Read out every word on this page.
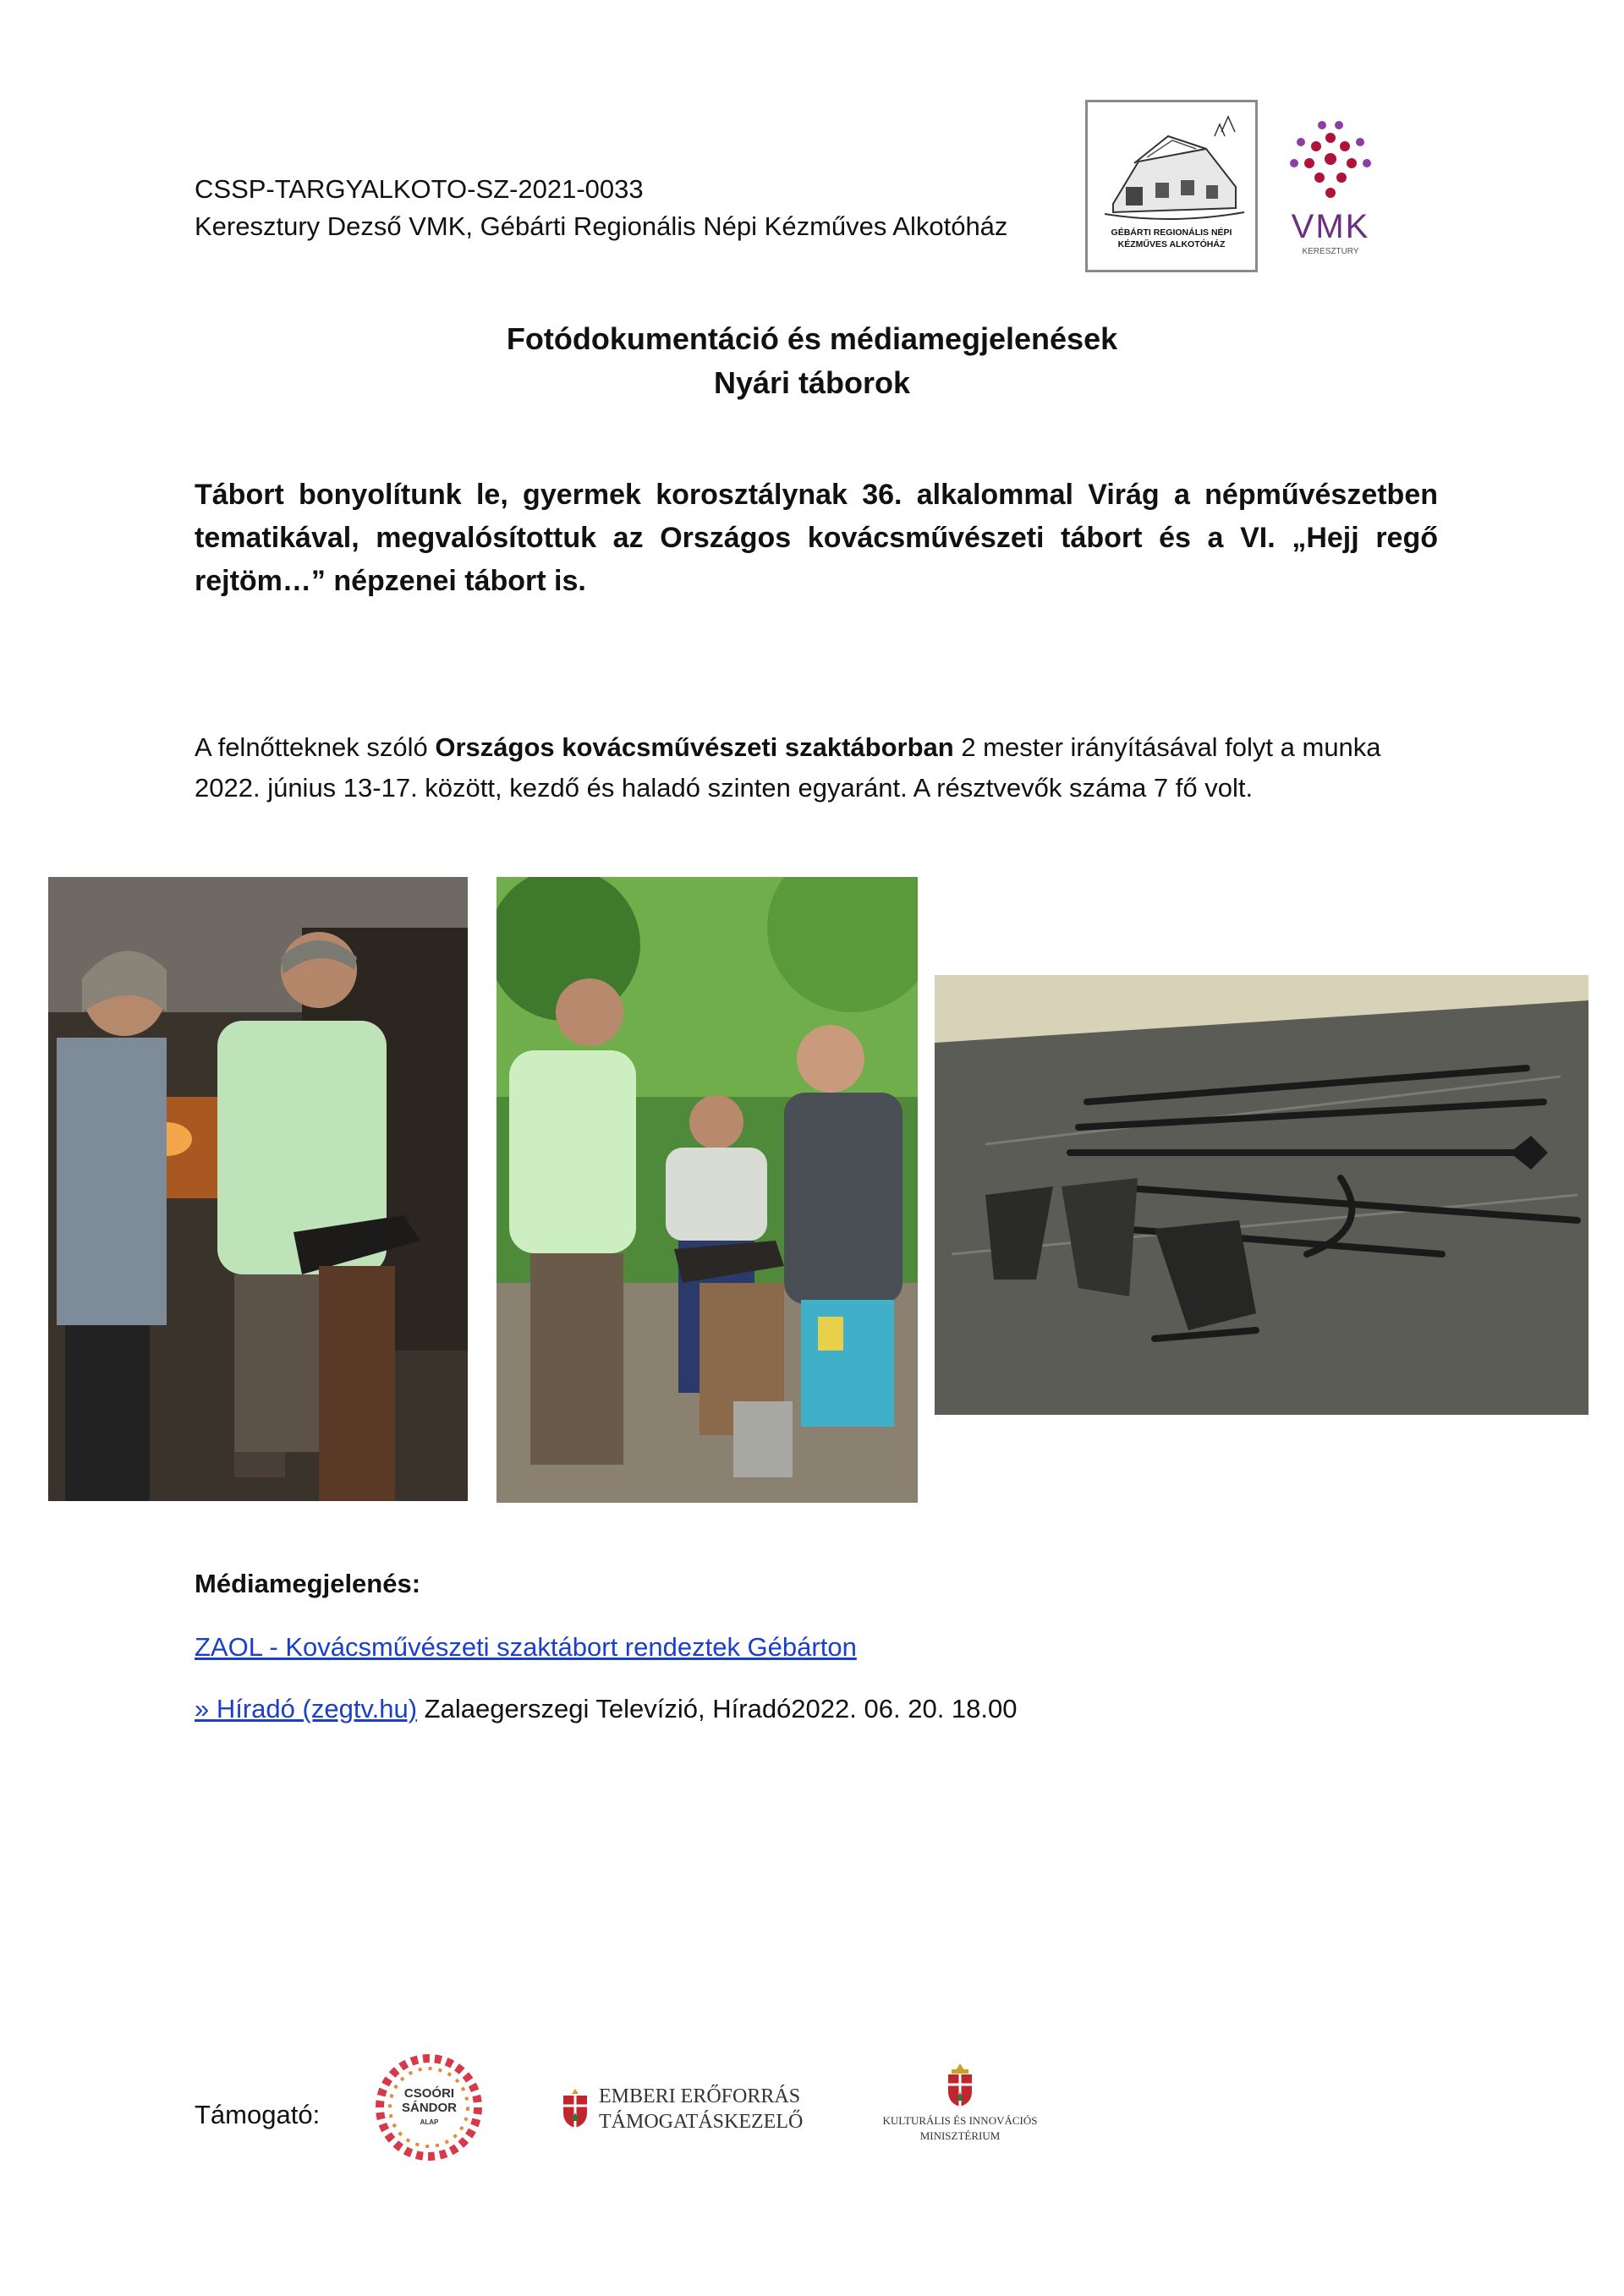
CSSP-TARGYALKOTO-SZ-2021-0033
Keresztury Dezső VMK, Gébárti Regionális Népi Kézműves Alkotóház	GÉBÁRTI REGIONÁLIS NÉPI
KÉZMŰVES ALKOTÓHÁZ	VMK
KERESZTURY
Fotódokumentáció és médiamegjelenések
Nyári táborok
Tábort bonyolítunk le, gyermek korosztálynak 36. alkalommal Virág a népművészetben tematikával, megvalósítottuk az Országos kovácsművészeti tábort és a VI. „Hejj regő rejtöm…” népzenei tábort is.
A felnőtteknek szóló Országos kovácsművészeti szaktáborban 2 mester irányításával folyt a munka 2022. június 13-17. között, kezdő és haladó szinten egyaránt. A résztvevők száma 7 fő volt.
Médiamegjelenés:
ZAOL - Kovácsművészeti szaktábort rendeztek Gébárton
» Híradó (zegtv.hu) Zalaegerszegi Televízió, Híradó2022. 06. 20. 18.00
Támogató:
CSOÓRI
SÁNDOR
ALAP
EMBERI ERŐFORRÁS
TÁMOGATÁSKEZELŐ	KULTURÁLIS ÉS INNOVÁCIÓS
MINISZTÉRIUM
